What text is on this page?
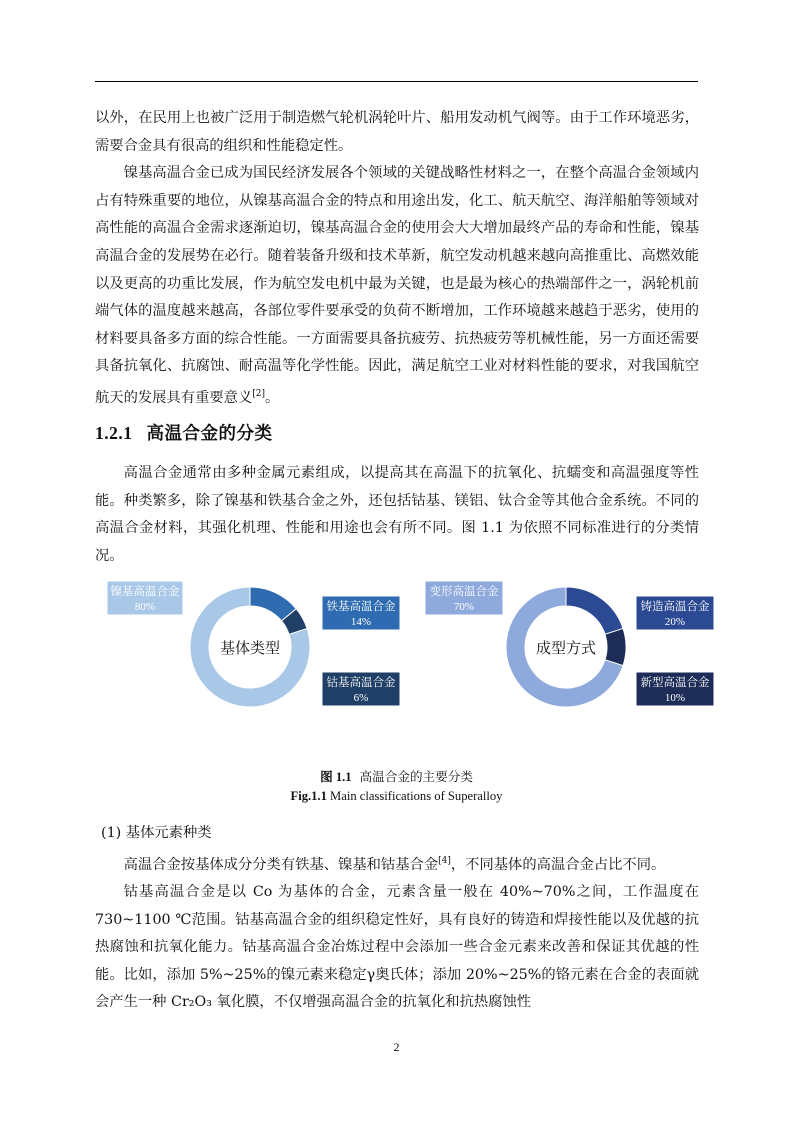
以外，在民用上也被广泛用于制造燃气轮机涡轮叶片、船用发动机气阀等。由于工作环境恶劣，需要合金具有很高的组织和性能稳定性。

镍基高温合金已成为国民经济发展各个领域的关键战略性材料之一，在整个高温合金领域内占有特殊重要的地位，从镍基高温合金的特点和用途出发，化工、航天航空、海洋船舶等领域对高性能的高温合金需求逐渐迫切，镍基高温合金的使用会大大增加最终产品的寿命和性能，镍基高温合金的发展势在必行。随着装备升级和技术革新，航空发动机越来越向高推重比、高燃效能以及更高的功重比发展，作为航空发电机中最为关键，也是最为核心的热端部件之一，涡轮机前端气体的温度越来越高，各部位零件要承受的负荷不断增加，工作环境越来越趋于恶劣，使用的材料要具备多方面的综合性能。一方面需要具备抗疲劳、抗热疲劳等机械性能，另一方面还需要具备抗氧化、抗腐蚀、耐高温等化学性能。因此，满足航空工业对材料性能的要求，对我国航空航天的发展具有重要意义[2]。

1.2.1 高温合金的分类

高温合金通常由多种金属元素组成，以提高其在高温下的抗氧化、抗蠕变和高温强度等性能。种类繁多，除了镍基和铁基合金之外，还包括钴基、镁铝、钛合金等其他合金系统。不同的高温合金材料，其强化机理、性能和用途也会有所不同。图 1.1 为依照不同标准进行的分类情况。

基体类型
镍基高温合金
80%	铁基高温合金
14%
钴基高温合金
6%
成型方式
变形高温合金
70%	铸造高温合金
20%
新型高温合金
10%
图 1.1 高温合金的主要分类
Fig.1.1 Main classifications of Superalloy

(1) 基体元素种类

高温合金按基体成分分类有铁基、镍基和钴基合金[4]，不同基体的高温合金占比不同。

钴基高温合金是以 Co 为基体的合金，元素含量一般在 40%~70%之间，工作温度在 730~1100 ℃范围。钴基高温合金的组织稳定性好，具有良好的铸造和焊接性能以及优越的抗热腐蚀和抗氧化能力。钴基高温合金冶炼过程中会添加一些合金元素来改善和保证其优越的性能。比如，添加 5%~25%的镍元素来稳定γ奥氏体；添加 20%~25%的铬元素在合金的表面就会产生一种 Cr₂O₃ 氧化膜，不仅增强高温合金的抗氧化和抗热腐蚀性

2
